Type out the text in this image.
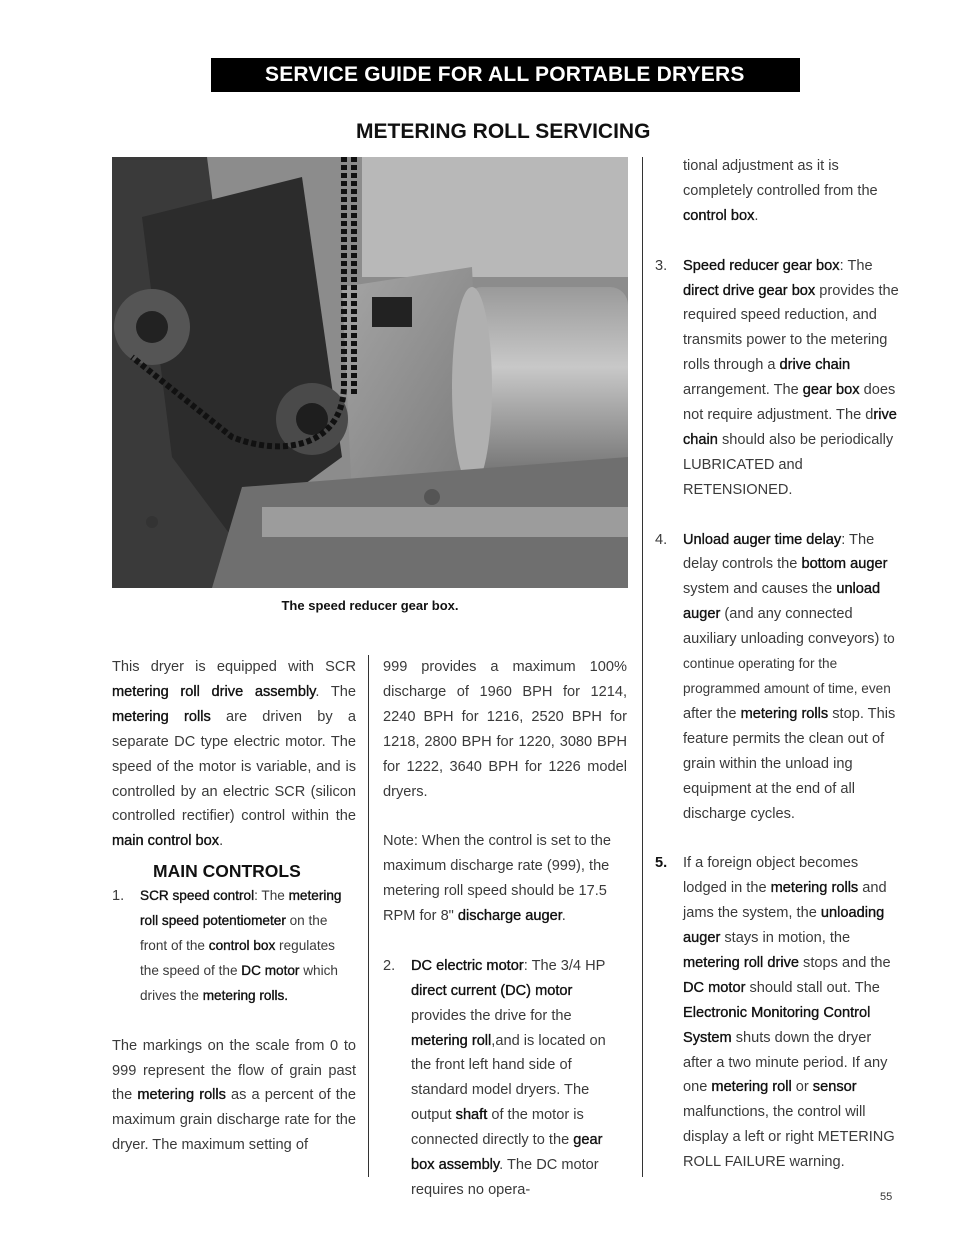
SERVICE GUIDE FOR ALL PORTABLE DRYERS
METERING ROLL SERVICING
The speed reducer gear box.

This dryer is equipped with SCR metering roll drive assembly. The metering rolls are driven by a separate DC type electric motor. The speed of the motor is variable, and is controlled by an electric SCR (silicon controlled rectifier) control within the main control box.

MAIN CONTROLS

1. SCR speed control: The metering roll speed potentiometer on the front of the control box regulates the speed of the DC motor which drives the metering rolls.

The markings on the scale from 0 to 999 represent the flow of grain past the metering rolls as a percent of the maximum grain discharge rate for the dryer. The maximum setting of

999 provides a maximum 100% discharge of 1960 BPH for 1214, 2240 BPH for 1216, 2520 BPH for 1218, 2800 BPH for 1220, 3080 BPH for 1222, 3640 BPH for 1226 model dryers.

Note: When the control is set to the maximum discharge rate (999), the metering roll speed should be 17.5 RPM for 8" discharge auger.

2. DC electric motor: The 3/4 HP direct current (DC) motor provides the drive for the metering roll,and is located on the front left hand side of standard model dryers. The output shaft of the motor is connected directly to the gear box assembly. The DC motor requires no opera-

tional adjustment as it is completely controlled from the control box.

3. Speed reducer gear box: The direct drive gear box provides the required speed reduction, and transmits power to the metering rolls through a drive chain arrangement. The gear box does not require adjustment. The drive chain should also be periodically LUBRICATED and RETENSIONED.

4. Unload auger time delay: The delay controls the bottom auger system and causes the unload auger (and any connected auxiliary unloading conveyors) to continue operating for the programmed amount of time, even after the metering rolls stop. This feature permits the clean out of grain within the unload ing equipment at the end of all discharge cycles.

5. If a foreign object becomes lodged in the metering rolls and jams the system, the unloading auger stays in motion, the metering roll drive stops and the DC motor should stall out. The Electronic Monitoring Control System shuts down the dryer after a two minute period. If any one metering roll or sensor malfunctions, the control will display a left or right METERING ROLL FAILURE warning.

55
